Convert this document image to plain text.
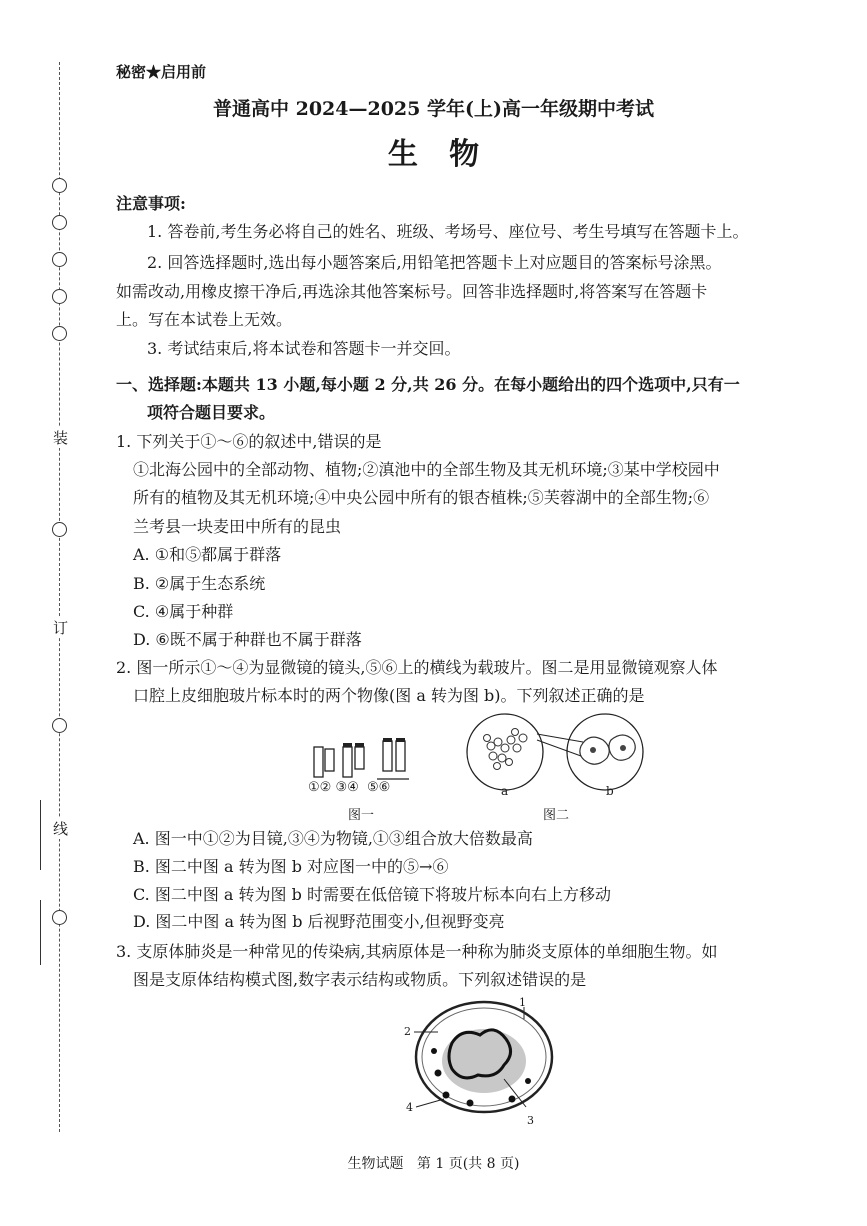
装
订
线
秘密★启用前
普通高中 2024—2025 学年(上)高一年级期中考试
生   物
注意事项:
1. 答卷前,考生务必将自己的姓名、班级、考场号、座位号、考生号填写在答题卡上。
2. 回答选择题时,选出每小题答案后,用铅笔把答题卡上对应题目的答案标号涂黑。
如需改动,用橡皮擦干净后,再选涂其他答案标号。回答非选择题时,将答案写在答题卡
上。写在本试卷上无效。
3. 考试结束后,将本试卷和答题卡一并交回。
一、选择题:本题共 13 小题,每小题 2 分,共 26 分。在每小题给出的四个选项中,只有一
项符合题目要求。
1. 下列关于①～⑥的叙述中,错误的是
①北海公园中的全部动物、植物;②滇池中的全部生物及其无机环境;③某中学校园中
所有的植物及其无机环境;④中央公园中所有的银杏植株;⑤芙蓉湖中的全部生物;⑥
兰考县一块麦田中所有的昆虫
A. ①和⑤都属于群落
B. ②属于生态系统
C. ④属于种群
D. ⑥既不属于种群也不属于群落
2. 图一所示①～④为显微镜的镜头,⑤⑥上的横线为载玻片。图二是用显微镜观察人体
口腔上皮细胞玻片标本时的两个物像(图 a 转为图 b)。下列叙述正确的是
①② ③④  ⑤⑥
图一
a	b
图二
A. 图一中①②为目镜,③④为物镜,①③组合放大倍数最高
B. 图二中图 a 转为图 b 对应图一中的⑤→⑥
C. 图二中图 a 转为图 b 时需要在低倍镜下将玻片标本向右上方移动
D. 图二中图 a 转为图 b 后视野范围变小,但视野变亮
3. 支原体肺炎是一种常见的传染病,其病原体是一种称为肺炎支原体的单细胞生物。如
图是支原体结构模式图,数字表示结构或物质。下列叙述错误的是
1
2
3
4
生物试题   第 1 页(共 8 页)
